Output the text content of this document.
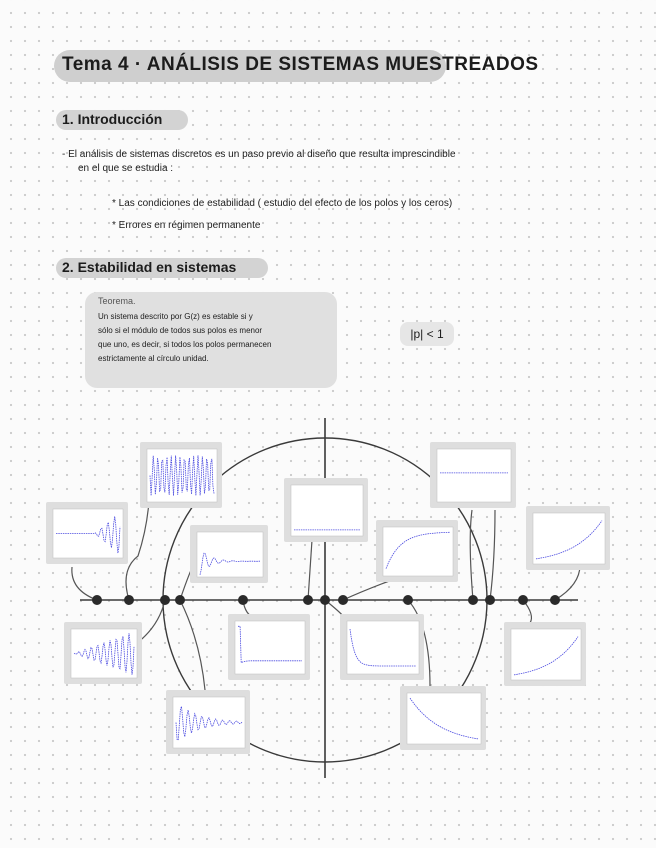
Tema 4 · ANÁLISIS DE SISTEMAS MUESTREADOS
1. Introducción
- El análisis de sistemas discretos es un paso previo al diseño que resulta imprescindible
en el que se estudia :
* Las condiciones de estabilidad ( estudio del efecto de los polos y los ceros)
* Errores en régimen permanente
2. Estabilidad en sistemas
Teorema.
Un sistema descrito por G(z) es estable si y
sólo si el módulo de todos sus polos es menor
que uno, es decir, si todos los polos permanecen
estrictamente al círculo unidad.
|p| < 1
